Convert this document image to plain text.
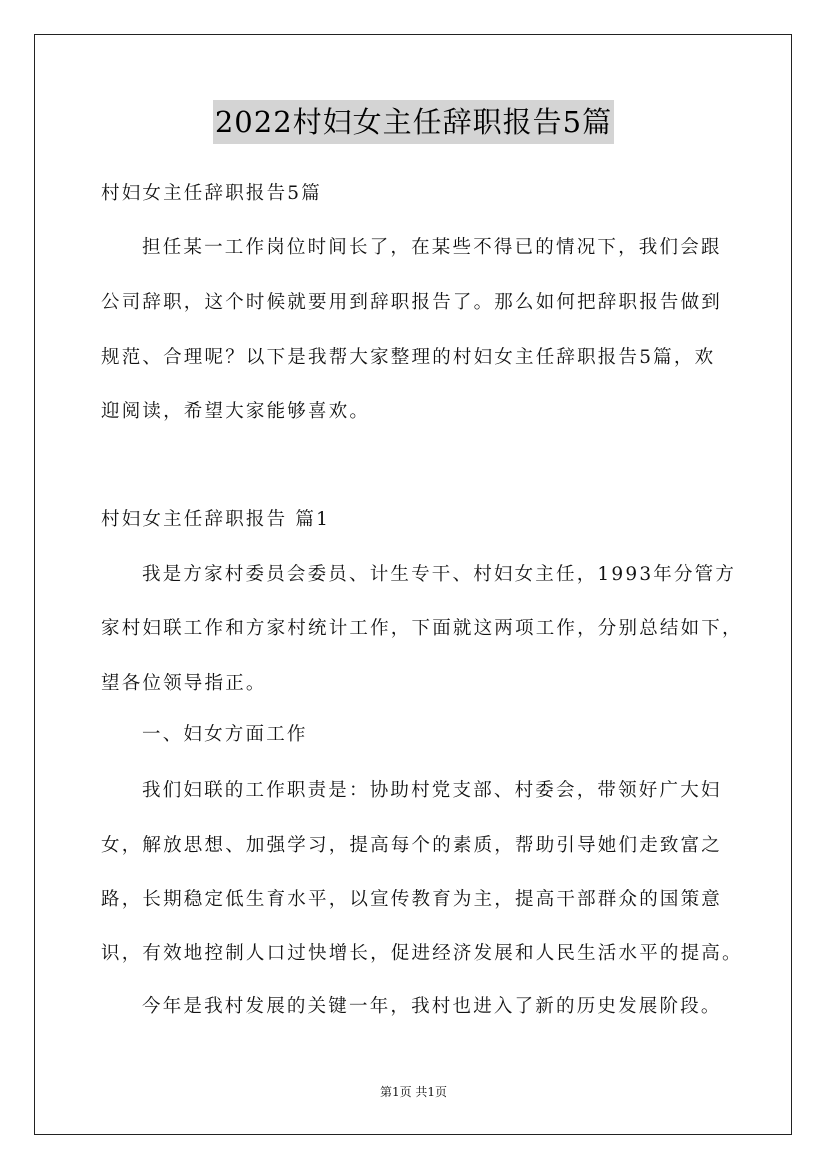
2022村妇女主任辞职报告5篇
村妇女主任辞职报告5篇
担任某一工作岗位时间长了，在某些不得已的情况下，我们会跟
公司辞职，这个时候就要用到辞职报告了。那么如何把辞职报告做到
规范、合理呢？以下是我帮大家整理的村妇女主任辞职报告5篇，欢
迎阅读，希望大家能够喜欢。
村妇女主任辞职报告 篇1
我是方家村委员会委员、计生专干、村妇女主任，1993年分管方
家村妇联工作和方家村统计工作，下面就这两项工作，分别总结如下，
望各位领导指正。
一、妇女方面工作
我们妇联的工作职责是：协助村党支部、村委会，带领好广大妇
女，解放思想、加强学习，提高每个的素质，帮助引导她们走致富之
路，长期稳定低生育水平，以宣传教育为主，提高干部群众的国策意
识，有效地控制人口过快增长，促进经济发展和人民生活水平的提高。
今年是我村发展的关键一年，我村也进入了新的历史发展阶段。
第1页 共1页
